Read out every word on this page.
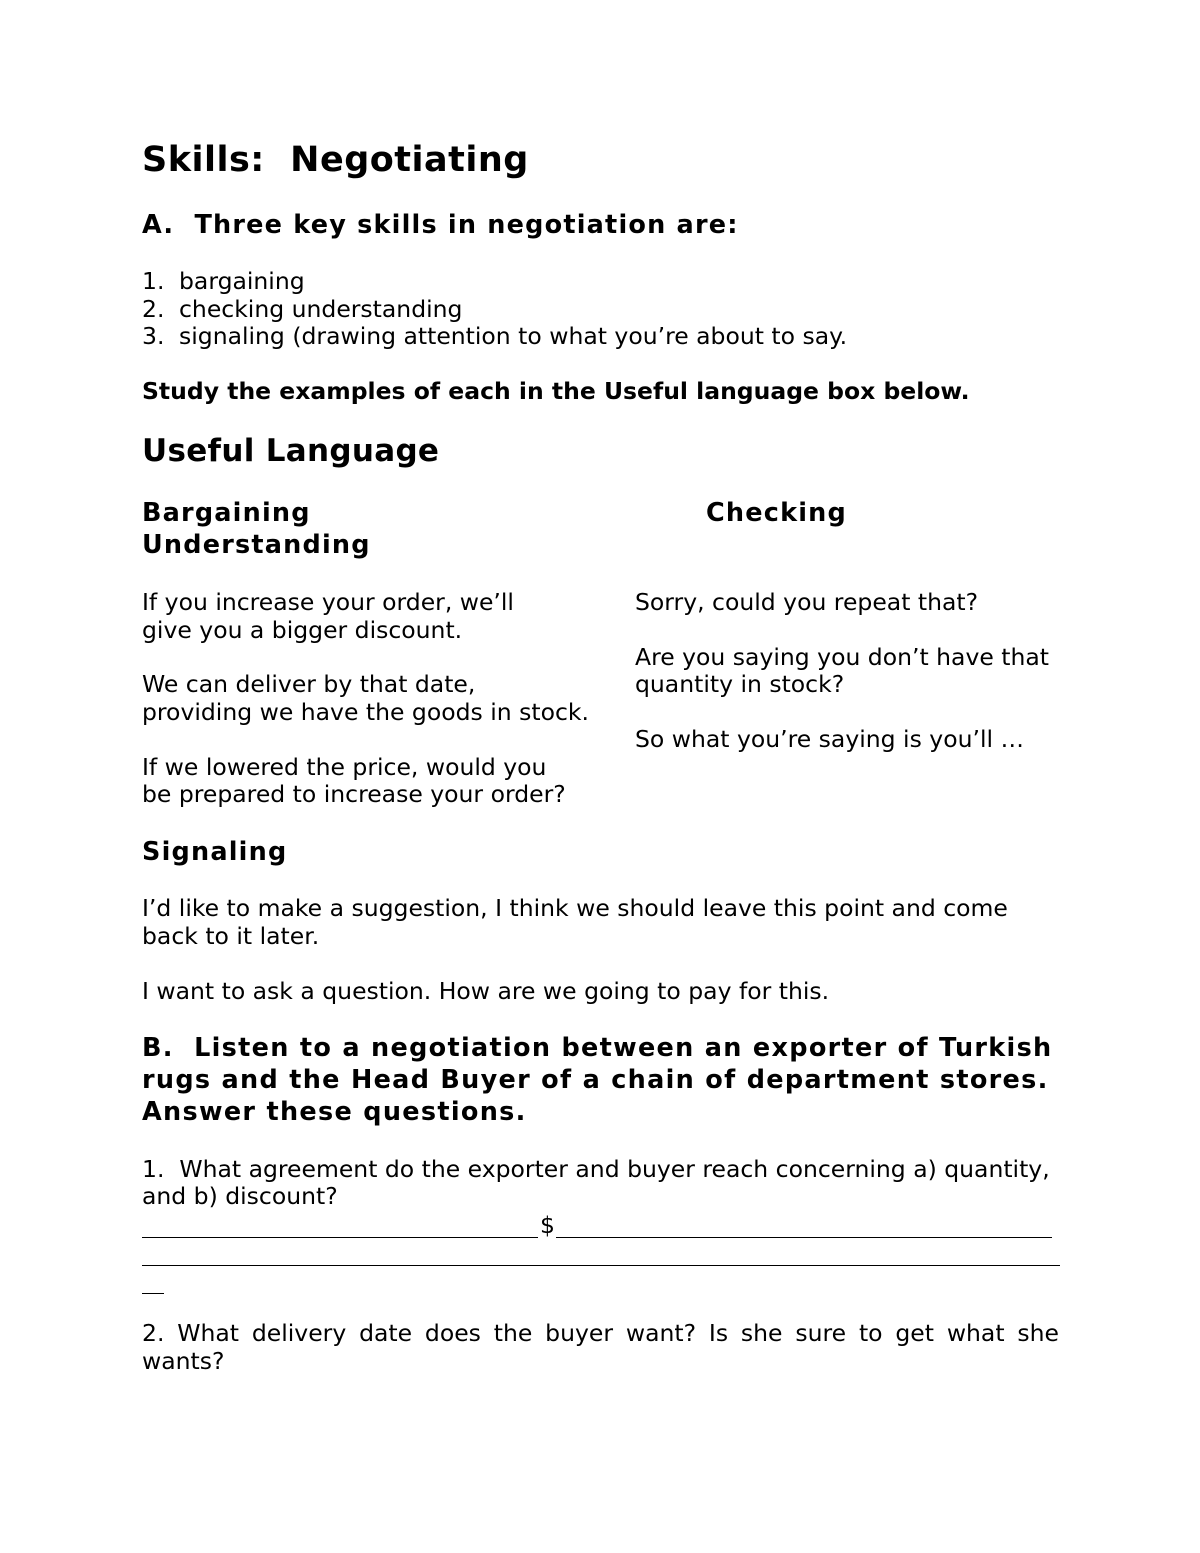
Skills:  Negotiating
A.  Three key skills in negotiation are:
1. bargaining
2. checking understanding
3. signaling (drawing attention to what you’re about to say.
Study the examples of each in the Useful language box below.
Useful Language
Bargaining	Checking
Understanding
If you increase your order, we’ll
give you a bigger discount.
We can deliver by that date,
providing we have the goods in stock.
If we lowered the price, would you
be prepared to increase your order?
Sorry, could you repeat that?
Are you saying you don’t have that
quantity in stock?
So what you’re saying is you’ll …
Signaling
I’d like to make a suggestion, I think we should leave this point and come
back to it later.
I want to ask a question. How are we going to pay for this.
B.  Listen to a negotiation between an exporter of Turkish
rugs and the Head Buyer of a chain of department stores.
Answer these questions.
1.  What agreement do the exporter and buyer reach concerning a) quantity,
and b) discount?
$
2. What delivery date does the buyer want? Is she sure to get what she wants?
